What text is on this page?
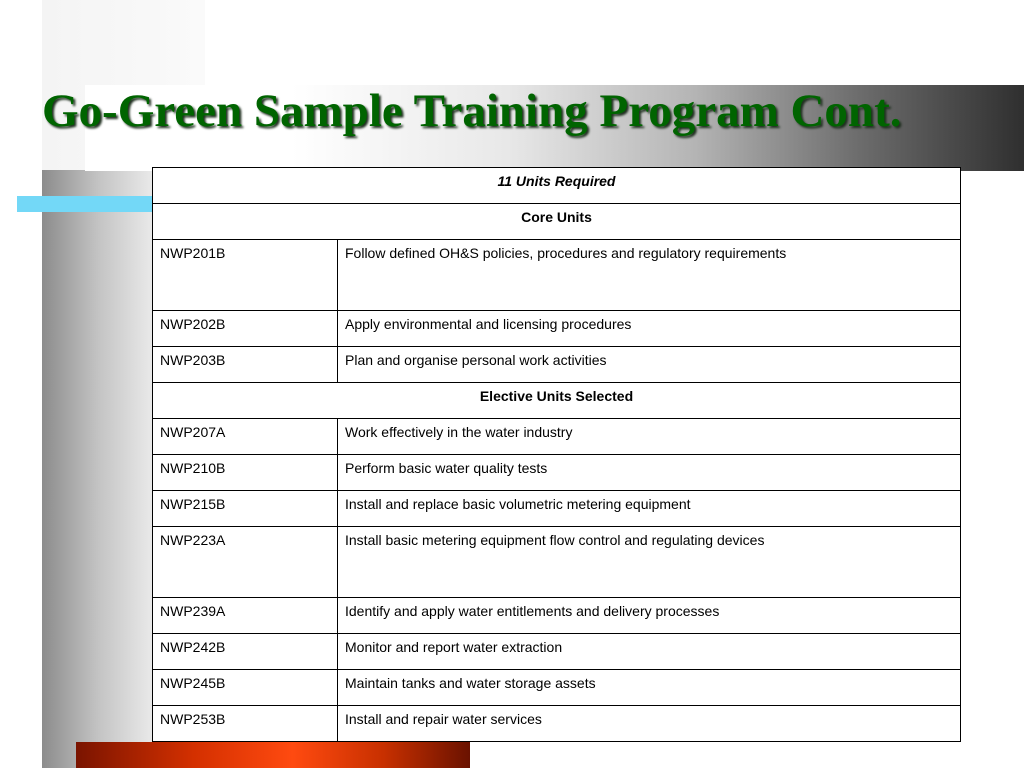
Go-Green Sample Training Program Cont.
11 Units Required	
Core Units	
NWP201B	Follow defined OH&S policies, procedures and regulatory requirements
NWP202B	Apply environmental and licensing procedures
NWP203B	Plan and organise personal work activities
Elective Units Selected	
NWP207A	Work effectively in the water industry
NWP210B	Perform basic water quality tests
NWP215B	Install and replace basic volumetric metering equipment
NWP223A	Install basic metering equipment flow control and regulating devices
NWP239A	Identify and apply water entitlements and delivery processes
NWP242B	Monitor and report water extraction
NWP245B	Maintain tanks and water storage assets
NWP253B	Install and repair water services
